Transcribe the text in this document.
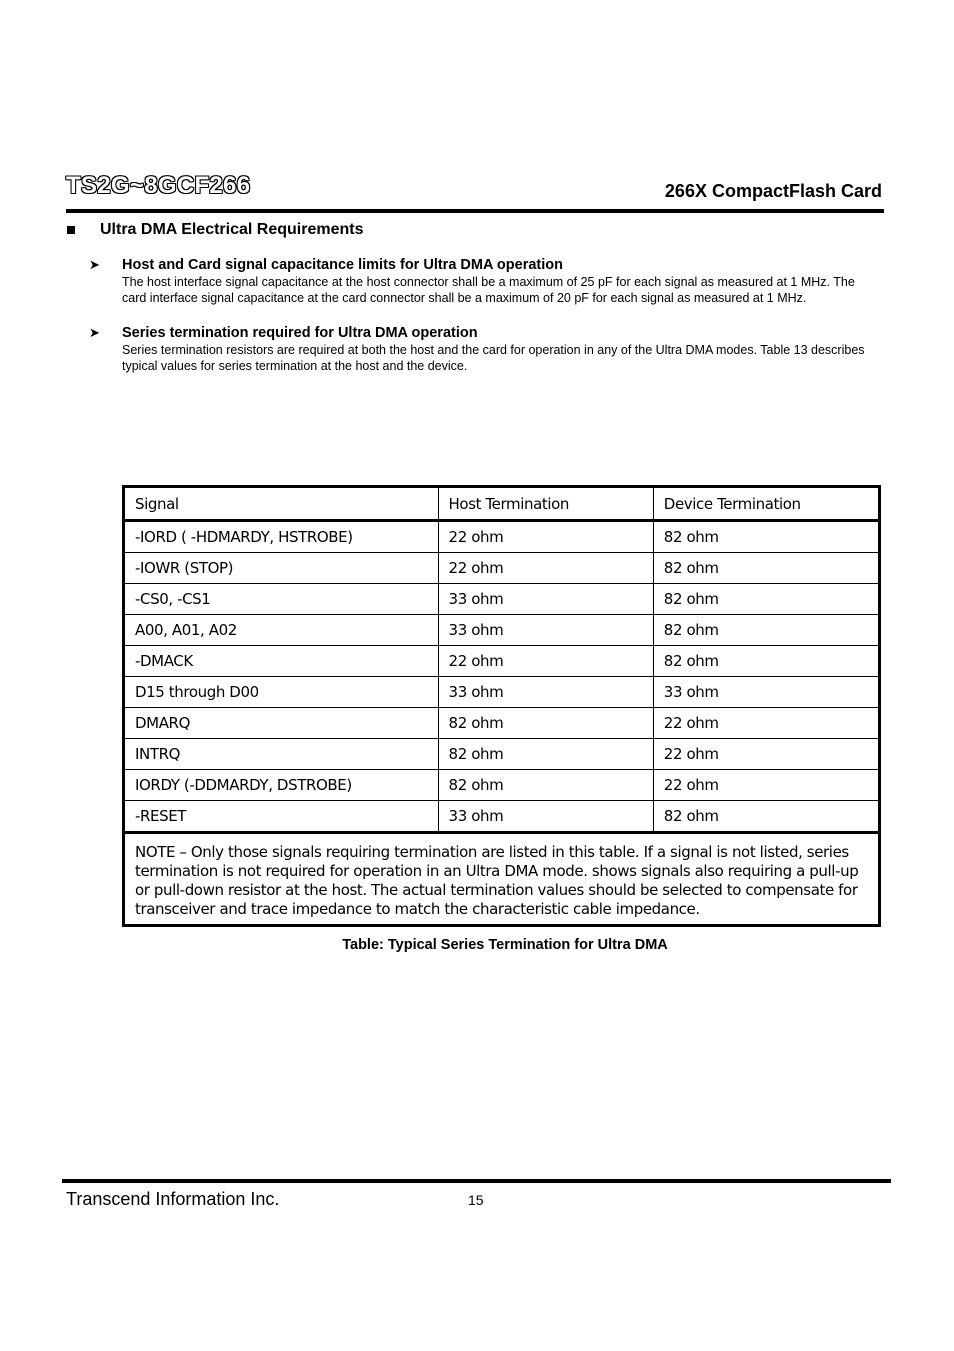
TS2G~8GCF266	266X CompactFlash Card
Ultra DMA Electrical Requirements
➤ Host and Card signal capacitance limits for Ultra DMA operation
The host interface signal capacitance at the host connector shall be a maximum of 25 pF for each signal as measured at 1 MHz. The card interface signal capacitance at the card connector shall be a maximum of 20 pF for each signal as measured at 1 MHz.
➤ Series termination required for Ultra DMA operation
Series termination resistors are required at both the host and the card for operation in any of the Ultra DMA modes. Table 13 describes typical values for series termination at the host and the device.
Signal	Host Termination	Device Termination
-IORD ( -HDMARDY, HSTROBE)	22 ohm	82 ohm
-IOWR (STOP)	22 ohm	82 ohm
-CS0, -CS1	33 ohm	82 ohm
A00, A01, A02	33 ohm	82 ohm
-DMACK	22 ohm	82 ohm
D15 through D00	33 ohm	33 ohm
DMARQ	82 ohm	22 ohm
INTRQ	82 ohm	22 ohm
IORDY (-DDMARDY, DSTROBE)	82 ohm	22 ohm
-RESET	33 ohm	82 ohm
NOTE – Only those signals requiring termination are listed in this table. If a signal is not listed, series termination is not required for operation in an Ultra DMA mode. shows signals also requiring a pull-up or pull-down resistor at the host. The actual termination values should be selected to compensate for transceiver and trace impedance to match the characteristic cable impedance.		
Table: Typical Series Termination for Ultra DMA
Transcend Information Inc.	15
